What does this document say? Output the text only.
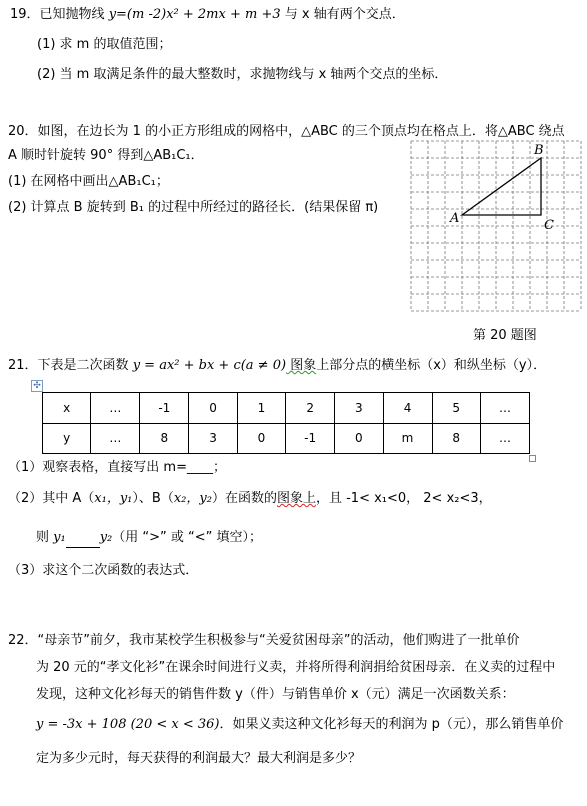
19．已知抛物线 y=(m -2)x² + 2mx + m +3 与 x 轴有两个交点．
(1) 求 m 的取值范围；
(2) 当 m 取满足条件的最大整数时，求抛物线与 x 轴两个交点的坐标．
20．如图，在边长为 1 的小正方形组成的网格中，△ABC 的三个顶点均在格点上．将△ABC 绕点
A 顺时针旋转 90° 得到△AB₁C₁．
(1) 在网格中画出△AB₁C₁；
(2) 计算点 B 旋转到 B₁ 的过程中所经过的路径长．(结果保留 π)
A
B
C
第 20 题图
21．下表是二次函数 y = ax² + bx + c(a ≠ 0) 图象上部分点的横坐标（x）和纵坐标（y）．
✣
x	…	-1	0	1	2	3	4	5	…
y	…	8	3	0	-1	0	m	8	…
（1）观察表格，直接写出 m=____；
（2）其中 A（x₁，y₁）、B（x₂，y₂）在函数的图象上，且 -1< x₁<0， 2< x₂<3，
则 y₁	y₂（用 “>” 或 “<” 填空）；
（3）求这个二次函数的表达式．
22．“母亲节”前夕，我市某校学生积极参与“关爱贫困母亲”的活动，他们购进了一批单价
为 20 元的“孝文化衫”在课余时间进行义卖，并将所得利润捐给贫困母亲．在义卖的过程中
发现，这种文化衫每天的销售件数 y（件）与销售单价 x（元）满足一次函数关系：
y = -3x + 108 (20 < x < 36)．如果义卖这种文化衫每天的利润为 p（元），那么销售单价
定为多少元时，每天获得的利润最大？最大利润是多少？
